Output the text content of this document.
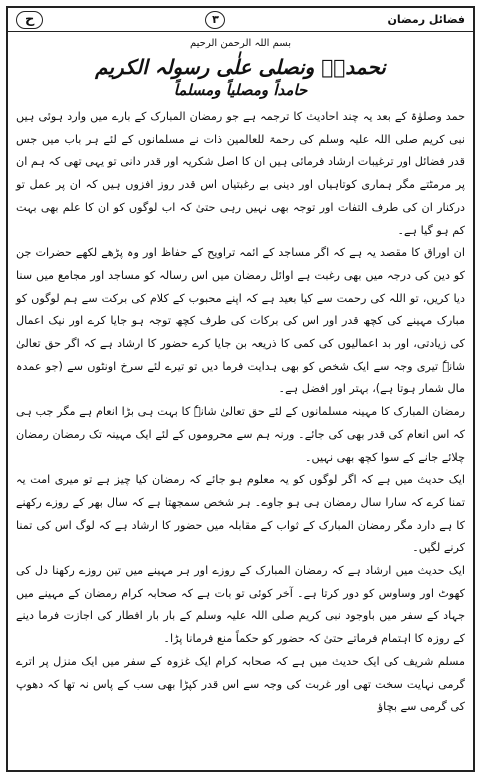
فضائل رمضان
۳
ح
بسم اللہ الرحمن الرحیم
نحمدہٗ ونصلی علٰی رسولہ الکریم
حامداً ومصلیاً ومسلماً

حمد وصلوٰۃ کے بعد یہ چند احادیث کا ترجمہ ہے جو رمضان المبارک کے بارے میں وارد ہوئی ہیں نبی کریم صلی اللہ علیہ وسلم کی رحمۃ للعالمین ذات نے مسلمانوں کے لئے ہر باب میں جس قدر فضائل اور ترغیبات ارشاد فرمائی ہیں ان کا اصل شکریہ اور قدر دانی تو یہی تھی کہ ہم ان پر مرمٹتے مگر ہماری کوتاہیاں اور دینی بے رغبتیاں اس قدر روز افزوں ہیں کہ ان پر عمل تو درکنار ان کی طرف التفات اور توجہ بھی نہیں رہی حتیٰ کہ اب لوگوں کو ان کا علم بھی بہت کم ہو گیا ہے۔

ان اوراق کا مقصد یہ ہے کہ اگر مساجد کے ائمہ تراویح کے حفاظ اور وہ پڑھے لکھے حضرات جن کو دین کی درجہ میں بھی رغبت ہے اوائل رمضان میں اس رسالہ کو مساجد اور مجامع میں سنا دیا کریں، تو اللہ کی رحمت سے کیا بعید ہے کہ اپنے محبوب کے کلام کی برکت سے ہم لوگوں کو مبارک مہینے کی کچھ قدر اور اس کی برکات کی طرف کچھ توجہ ہو جایا کرے اور نیک اعمال کی زیادتی، اور بد اعمالیوں کی کمی کا ذریعہ بن جایا کرے حضور کا ارشاد ہے کہ اگر حق تعالیٰ شانہٗ تیری وجہ سے ایک شخص کو بھی ہدایت فرما دیں تو تیرے لئے سرخ اونٹوں سے (جو عمدہ مال شمار ہوتا ہے)، بہتر اور افضل ہے۔

رمضان المبارک کا مہینہ مسلمانوں کے لئے حق تعالیٰ شانہٗ کا بہت ہی بڑا انعام ہے مگر جب ہی کہ اس انعام کی قدر بھی کی جائے۔ ورنہ ہم سے محروموں کے لئے ایک مہینہ تک رمضان رمضان چلائے جانے کے سوا کچھ بھی نہیں۔

ایک حدیث میں ہے کہ اگر لوگوں کو یہ معلوم ہو جائے کہ رمضان کیا چیز ہے تو میری امت یہ تمنا کرے کہ سارا سال رمضان ہی ہو جاوے۔ ہر شخص سمجھتا ہے کہ سال بھر کے روزے رکھنے کا ہے دارد مگر رمضان المبارک کے ثواب کے مقابلہ میں حضور کا ارشاد ہے کہ لوگ اس کی تمنا کرنے لگیں۔

ایک حدیث میں ارشاد ہے کہ رمضان المبارک کے روزے اور ہر مہینے میں تین روزے رکھنا دل کی کھوٹ اور وساوس کو دور کرتا ہے۔ آخر کوئی تو بات ہے کہ صحابہ کرام رمضان کے مہینے میں جہاد کے سفر میں باوجود نبی کریم صلی اللہ علیہ وسلم کے بار بار افطار کی اجازت فرما دینے کے روزہ کا اہتمام فرماتے حتیٰ کہ حضور کو حکماً منع فرمانا پڑا۔

مسلم شریف کی ایک حدیث میں ہے کہ صحابہ کرام ایک غزوہ کے سفر میں ایک منزل پر اترے گرمی نہایت سخت تھی اور غربت کی وجہ سے اس قدر کپڑا بھی سب کے پاس نہ تھا کہ دھوپ کی گرمی سے بچاؤ
